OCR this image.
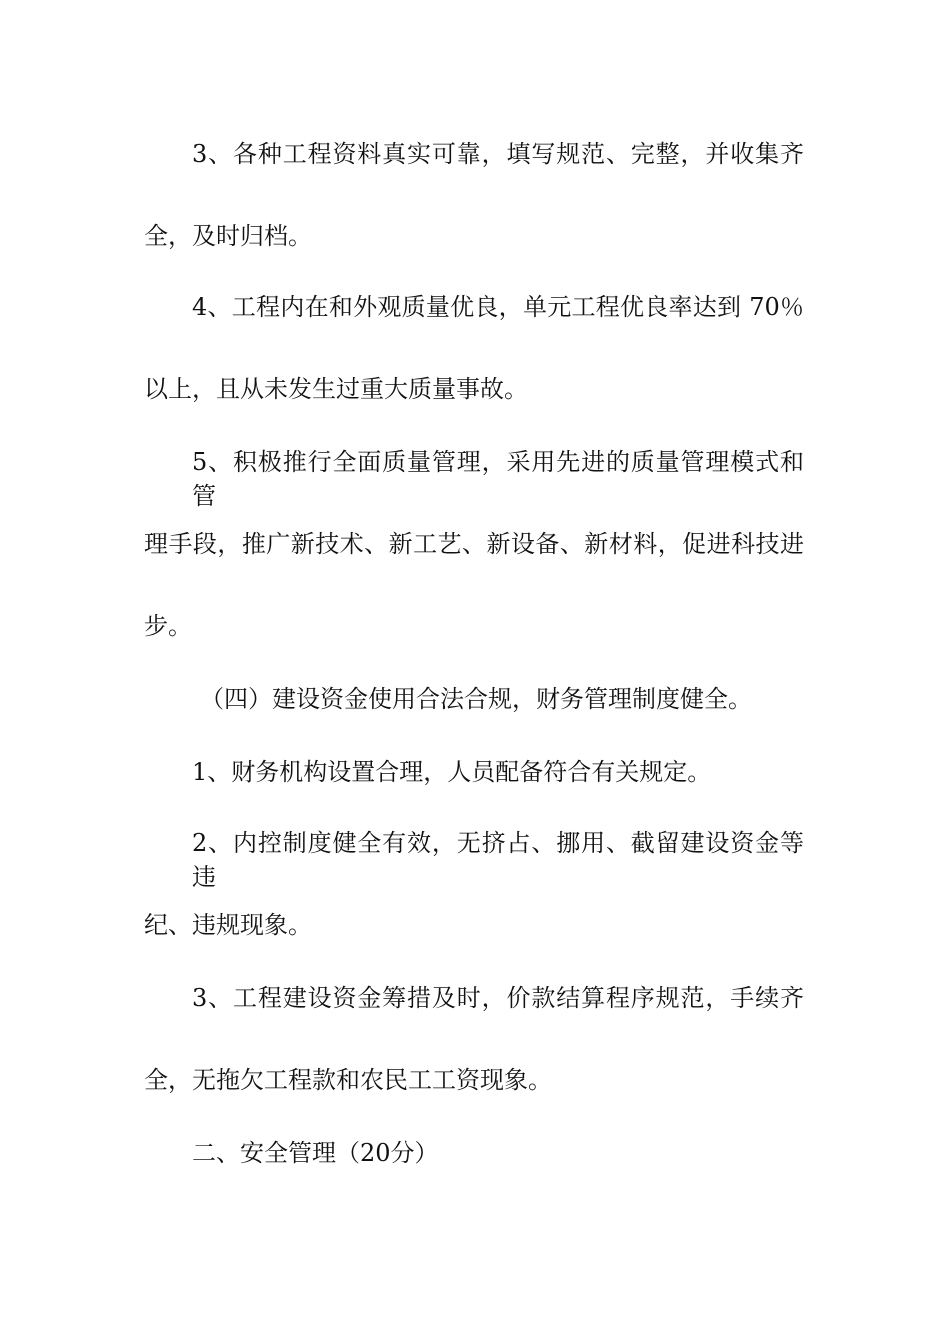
3、各种工程资料真实可靠，填写规范、完整，并收集齐
全，及时归档。
4、工程内在和外观质量优良，单元工程优良率达到 70％
以上，且从未发生过重大质量事故。
5、积极推行全面质量管理，采用先进的质量管理模式和管
理手段，推广新技术、新工艺、新设备、新材料，促进科技进
步。
（四）建设资金使用合法合规，财务管理制度健全。
1、财务机构设置合理，人员配备符合有关规定。
2、内控制度健全有效，无挤占、挪用、截留建设资金等违
纪、违规现象。
3、工程建设资金筹措及时，价款结算程序规范，手续齐
全，无拖欠工程款和农民工工资现象。
二、安全管理（20分）
